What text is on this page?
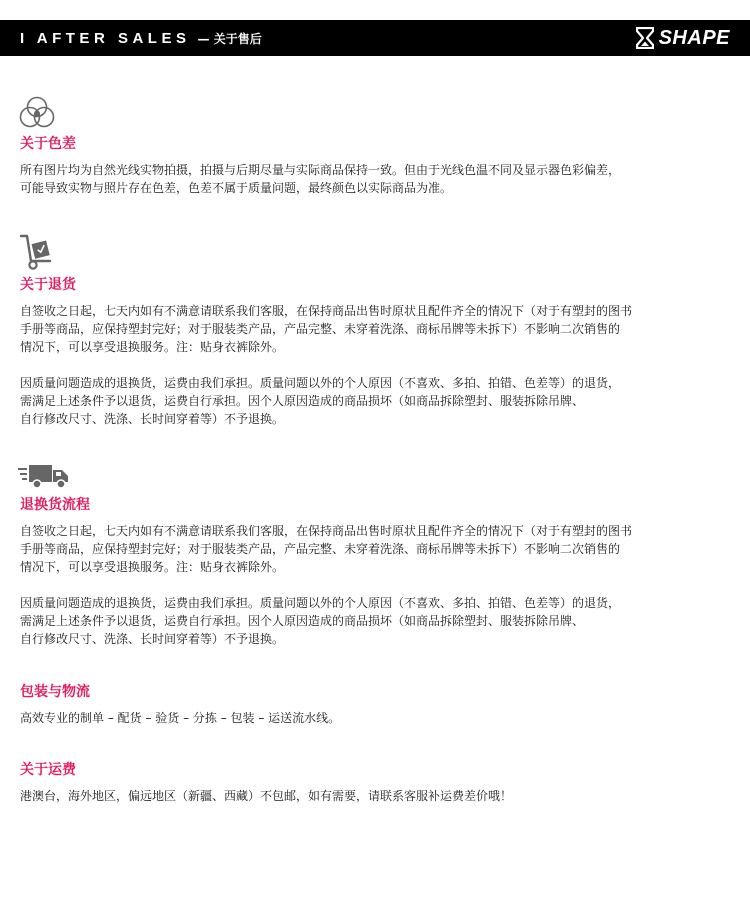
I AFTER SALES — 关于售后	SHAPE
关于色差
所有图片均为自然光线实物拍摄，拍摄与后期尽量与实际商品保持一致。但由于光线色温不同及显示器色彩偏差，
可能导致实物与照片存在色差，色差不属于质量问题，最终颜色以实际商品为准。
关于退货
自签收之日起，七天内如有不满意请联系我们客服，在保持商品出售时原状且配件齐全的情况下（对于有塑封的图书
手册等商品，应保持塑封完好；对于服装类产品，产品完整、未穿着洗涤、商标吊牌等未拆下）不影响二次销售的
情况下，可以享受退换服务。注：贴身衣裤除外。
因质量问题造成的退换货，运费由我们承担。质量问题以外的个人原因（不喜欢、多拍、拍错、色差等）的退货，
需满足上述条件予以退货，运费自行承担。因个人原因造成的商品损坏（如商品拆除塑封、服装拆除吊牌、
自行修改尺寸、洗涤、长时间穿着等）不予退换。
退换货流程
自签收之日起，七天内如有不满意请联系我们客服，在保持商品出售时原状且配件齐全的情况下（对于有塑封的图书
手册等商品，应保持塑封完好；对于服装类产品，产品完整、未穿着洗涤、商标吊牌等未拆下）不影响二次销售的
情况下，可以享受退换服务。注：贴身衣裤除外。
因质量问题造成的退换货，运费由我们承担。质量问题以外的个人原因（不喜欢、多拍、拍错、色差等）的退货，
需满足上述条件予以退货，运费自行承担。因个人原因造成的商品损坏（如商品拆除塑封、服装拆除吊牌、
自行修改尺寸、洗涤、长时间穿着等）不予退换。
包装与物流
高效专业的制单 – 配货 – 验货 – 分拣 – 包装 – 运送流水线。
关于运费
港澳台，海外地区，偏远地区（新疆、西藏）不包邮，如有需要，请联系客服补运费差价哦！
